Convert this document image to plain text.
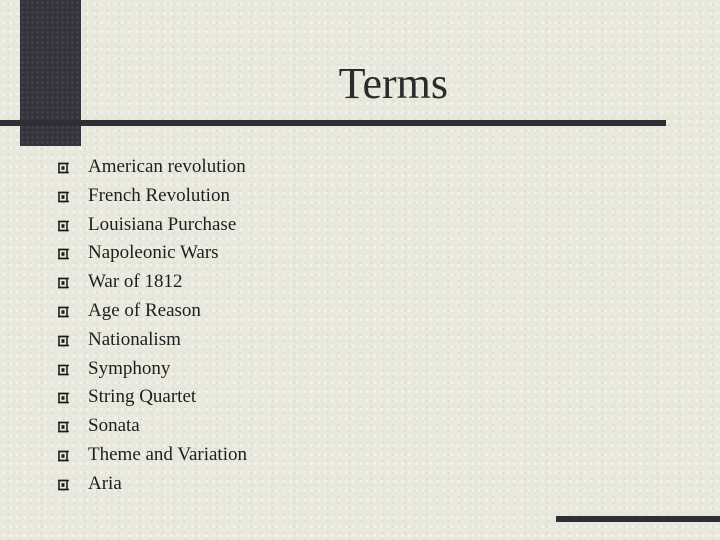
Terms
American revolution
French Revolution
Louisiana Purchase
Napoleonic Wars
War of 1812
Age of Reason
Nationalism
Symphony
String Quartet
Sonata
Theme and Variation
Aria
